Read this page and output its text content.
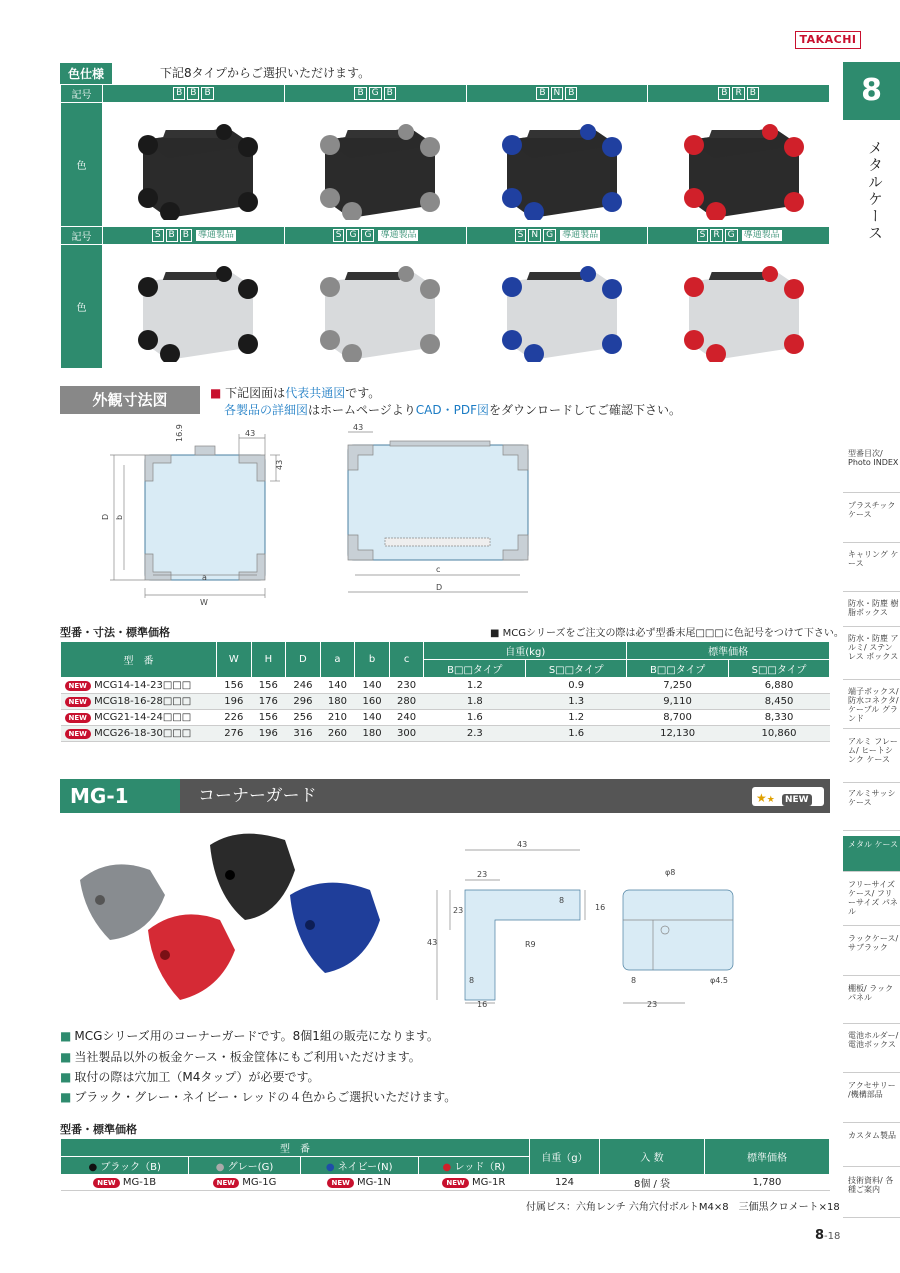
TAKACHI
8
メタルケース
型番目次/ Photo INDEX
プラスチック ケース
キャリング ケース
防水・防塵 樹脂ボックス
防水・防塵 アルミ/ ステンレス ボックス
端子ボックス/ 防水コネクタ/ ケーブル グランド
アルミ フレーム/ ヒートシンク ケース
アルミサッシ ケース
メタル ケース
フリーサイズ ケース/ フリーサイズ パネル
ラックケース/ サブラック
棚板/ ラックパネル
電池ホルダー/ 電池ボックス
アクセサリー /機構部品
カスタム製品
技術資料/ 各種ご案内
色仕様	下記8タイプからご選択いただけます。
記号	B B B	B G B	B N B	B R B
色	

記号	S B B 導通製品	S G G 導通製品	S N G 導通製品	S R G 導通製品
色	

外観寸法図	■ 下記図面は代表共通図です。
各製品の詳細図はホームページよりCAD・PDF図をダウンロードしてご確認下さい。
16.9	43
43
D b
a
W
43
c
D
型番・寸法・標準価格	■ MCGシリーズをご注文の際は必ず型番末尾□□□に色記号をつけて下さい。
型　番	W	H	D	a	b	c	自重(kg)		標準価格	
							B□□タイプ	S□□タイプ	B□□タイプ	S□□タイプ
NEW MCG14-14-23□□□	156	156	246	140	140	230	1.2	0.9	7,250	6,880
NEW MCG18-16-28□□□	196	176	296	180	160	280	1.8	1.3	9,110	8,450
NEW MCG21-14-24□□□	226	156	256	210	140	240	1.6	1.2	8,700	8,330
NEW MCG26-18-30□□□	276	196	316	260	180	300	2.3	1.6	12,130	10,860
MG-1	コーナーガード	★★ NEW
43
23
8
16
23
43	R9
8
16
φ8
8	φ4.5
23
■ MCGシリーズ用のコーナーガードです。8個1組の販売になります。
■ 当社製品以外の板金ケース・板金筐体にもご利用いただけます。
■ 取付の際は穴加工（M4タップ）が必要です。
■ ブラック・グレー・ネイビー・レッドの４色からご選択いただけます。
型番・標準価格
型　番				自重（g）	入 数	標準価格
● ブラック（B)	● グレー(G)	● ネイビー(N)	● レッド（R)			
NEW MG-1B	NEW MG-1G	NEW MG-1N	NEW MG-1R	124	8個 / 袋	1,780
付属ビス：六角レンチ 六角穴付ボルトM4×8　三価黒クロメート×18
8-18
